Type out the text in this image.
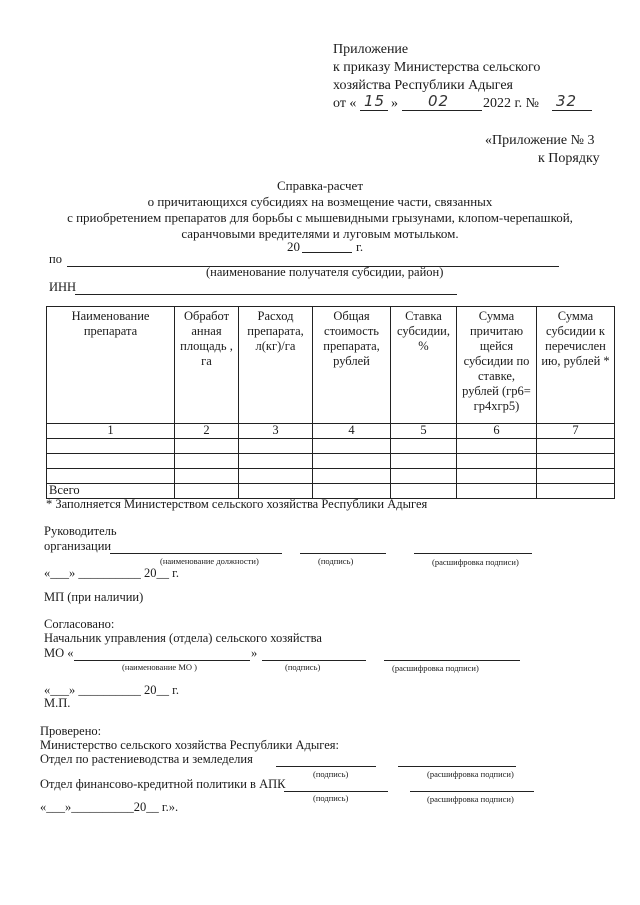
Приложение
к приказу Министерства сельского
хозяйства Республики Адыгея
от « 15 » 02 2022 г. № 32
«Приложение № 3
к Порядку
Справка-расчет
о причитающихся субсидиях на возмещение части, связанных
с приобретением препаратов для борьбы с мышевидными грызунами, клопом-черепашкой,
саранчовыми вредителями и луговым мотыльком.
20	г.
по
(наименование получателя субсидии, район)
ИНН
Наименование препарата	Обработ анная площадь , га	Расход препарата, л(кг)/га	Общая стоимость препарата, рублей	Ставка субсидии, %	Сумма причитаю щейся субсидии по ставке, рублей (гр6= гр4хгр5)	Сумма субсидии к перечислен ию, рублей *
1	2	3	4	5	6	7

Всего						
* Заполняется Министерством сельского хозяйства Республики Адыгея
Руководитель
организации
(наименование должности)	(подпись)	(расшифровка подписи)
«___» __________ 20__ г.
МП (при наличии)
Согласовано:
Начальник управления (отдела) сельского хозяйства
МО «	»
(наименование МО )	(подпись)	(расшифровка подписи)
«___» __________ 20__ г.
М.П.
Проверено:
Министерство сельского хозяйства Республики Адыгея:
Отдел по растениеводства и земледелия
(подпись)	(расшифровка подписи)
Отдел финансово-кредитной политики в АПК
(подпись)	(расшифровка подписи)
«___»__________20__ г.».
